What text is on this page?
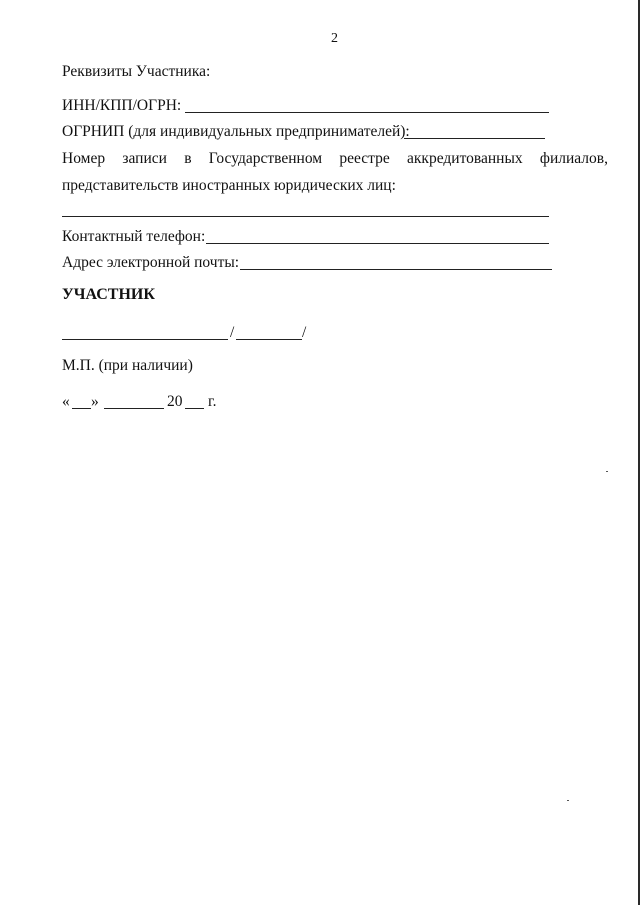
2
Реквизиты Участника:
ИНН/КПП/ОГРН:
ОГРНИП (для индивидуальных предпринимателей):
Номер записи в Государственном реестре аккредитованных филиалов,
представительств иностранных юридических лиц:
Контактный телефон:
Адрес электронной почты:
УЧАСТНИК
/	/
М.П. (при наличии)
« »	20 г.
